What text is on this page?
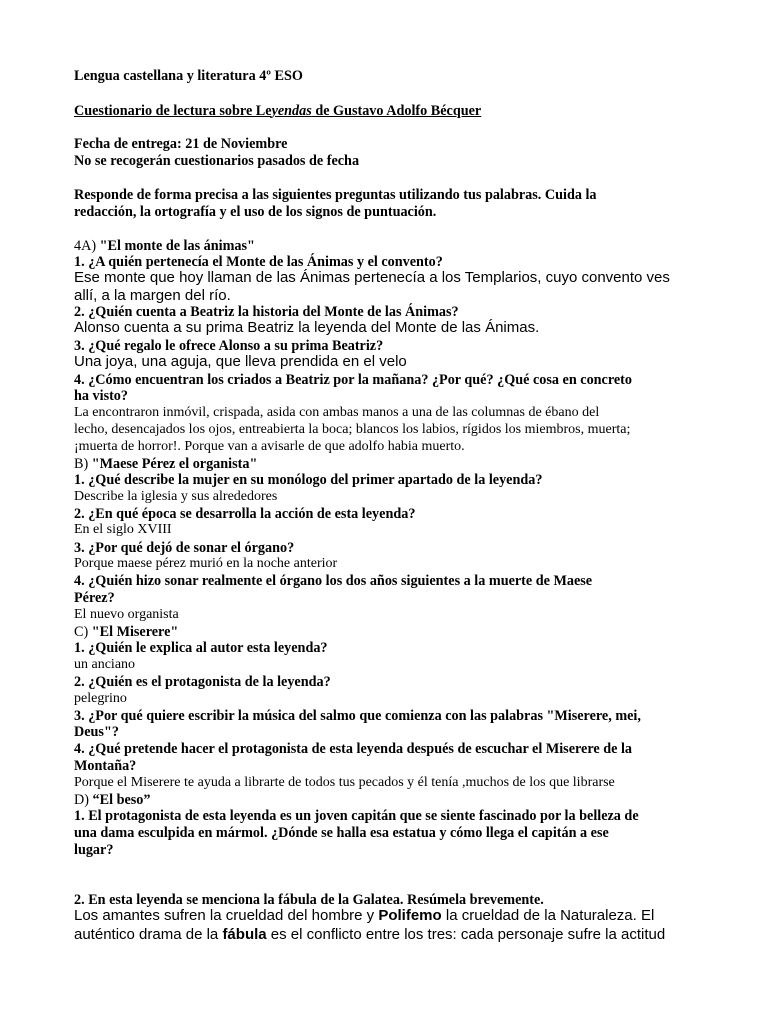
Lengua castellana y literatura 4º ESO
Cuestionario de lectura sobre Leyendas de Gustavo Adolfo Bécquer
Fecha de entrega: 21 de Noviembre
No se recogerán cuestionarios pasados de fecha
Responde de forma precisa a las siguientes preguntas utilizando tus palabras. Cuida la
redacción, la ortografía y el uso de los signos de puntuación.
4A) "El monte de las ánimas"
1. ¿A quién pertenecía el Monte de las Ánimas y el convento?
Ese monte que hoy llaman de las Ánimas pertenecía a los Templarios, cuyo convento ves
allí, a la margen del río.
2. ¿Quién cuenta a Beatriz la historia del Monte de las Ánimas?
Alonso cuenta a su prima Beatriz la leyenda del Monte de las Ánimas.
3. ¿Qué regalo le ofrece Alonso a su prima Beatriz?
Una joya, una aguja, que lleva prendida en el velo
4. ¿Cómo encuentran los criados a Beatriz por la mañana? ¿Por qué? ¿Qué cosa en concreto
ha visto?
La encontraron inmóvil, crispada, asida con ambas manos a una de las columnas de ébano del
lecho, desencajados los ojos, entreabierta la boca; blancos los labios, rígidos los miembros, muerta;
¡muerta de horror!. Porque van a avisarle de que adolfo habia muerto.
B) "Maese Pérez el organista"
1. ¿Qué describe la mujer en su monólogo del primer apartado de la leyenda?
Describe la iglesia y sus alrededores
2. ¿En qué época se desarrolla la acción de esta leyenda?
En el siglo XVIII
3. ¿Por qué dejó de sonar el órgano?
Porque maese pérez murió en la noche anterior
4. ¿Quién hizo sonar realmente el órgano los dos años siguientes a la muerte de Maese
Pérez?
El nuevo organista
C) "El Miserere"
1. ¿Quién le explica al autor esta leyenda?
un anciano
2. ¿Quién es el protagonista de la leyenda?
pelegrino
3. ¿Por qué quiere escribir la música del salmo que comienza con las palabras "Miserere, mei,
Deus"?
4. ¿Qué pretende hacer el protagonista de esta leyenda después de escuchar el Miserere de la
Montaña?
Porque el Miserere te ayuda a librarte de todos tus pecados y él tenía ,muchos de los que librarse
D) “El beso”
1. El protagonista de esta leyenda es un joven capitán que se siente fascinado por la belleza de
una dama esculpida en mármol. ¿Dónde se halla esa estatua y cómo llega el capitán a ese
lugar?
2. En esta leyenda se menciona la fábula de la Galatea. Resúmela brevemente.
Los amantes sufren la crueldad del hombre y Polifemo la crueldad de la Naturaleza. El
auténtico drama de la fábula es el conflicto entre los tres: cada personaje sufre la actitud
